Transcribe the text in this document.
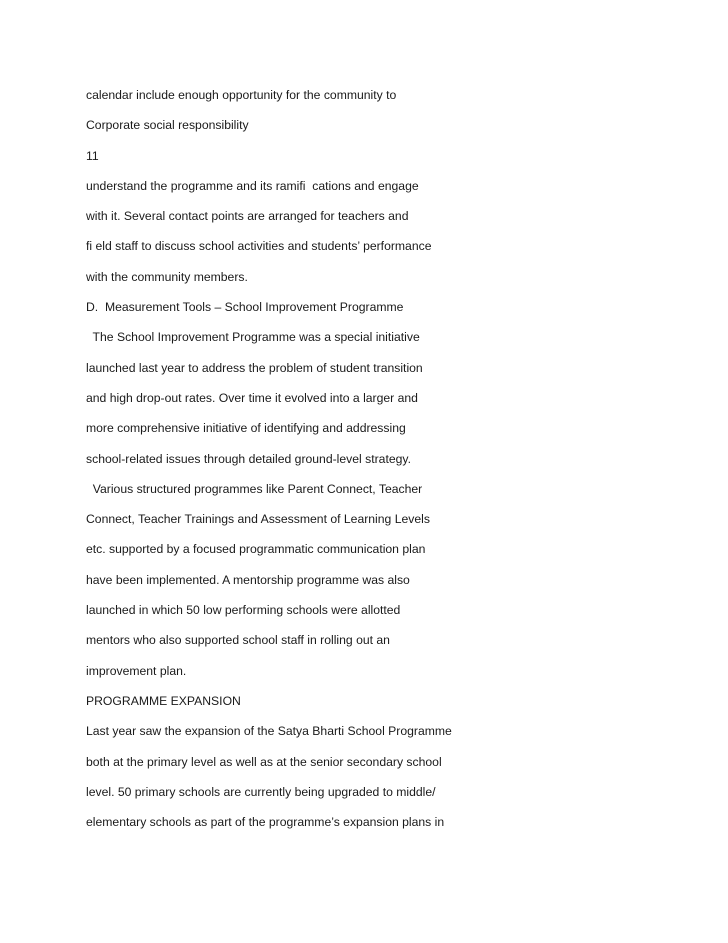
calendar include enough opportunity for the community to
Corporate social responsibility
11
understand the programme and its ramifi  cations and engage
with it. Several contact points are arranged for teachers and
fi eld staff to discuss school activities and students’ performance
with the community members.
D.  Measurement Tools – School Improvement Programme
The School Improvement Programme was a special initiative
launched last year to address the problem of student transition
and high drop-out rates. Over time it evolved into a larger and
more comprehensive initiative of identifying and addressing
school-related issues through detailed ground-level strategy.
Various structured programmes like Parent Connect, Teacher
Connect, Teacher Trainings and Assessment of Learning Levels
etc. supported by a focused programmatic communication plan
have been implemented. A mentorship programme was also
launched in which 50 low performing schools were allotted
mentors who also supported school staff in rolling out an
improvement plan.
PROGRAMME EXPANSION
Last year saw the expansion of the Satya Bharti School Programme
both at the primary level as well as at the senior secondary school
level. 50 primary schools are currently being upgraded to middle/
elementary schools as part of the programme’s expansion plans in
